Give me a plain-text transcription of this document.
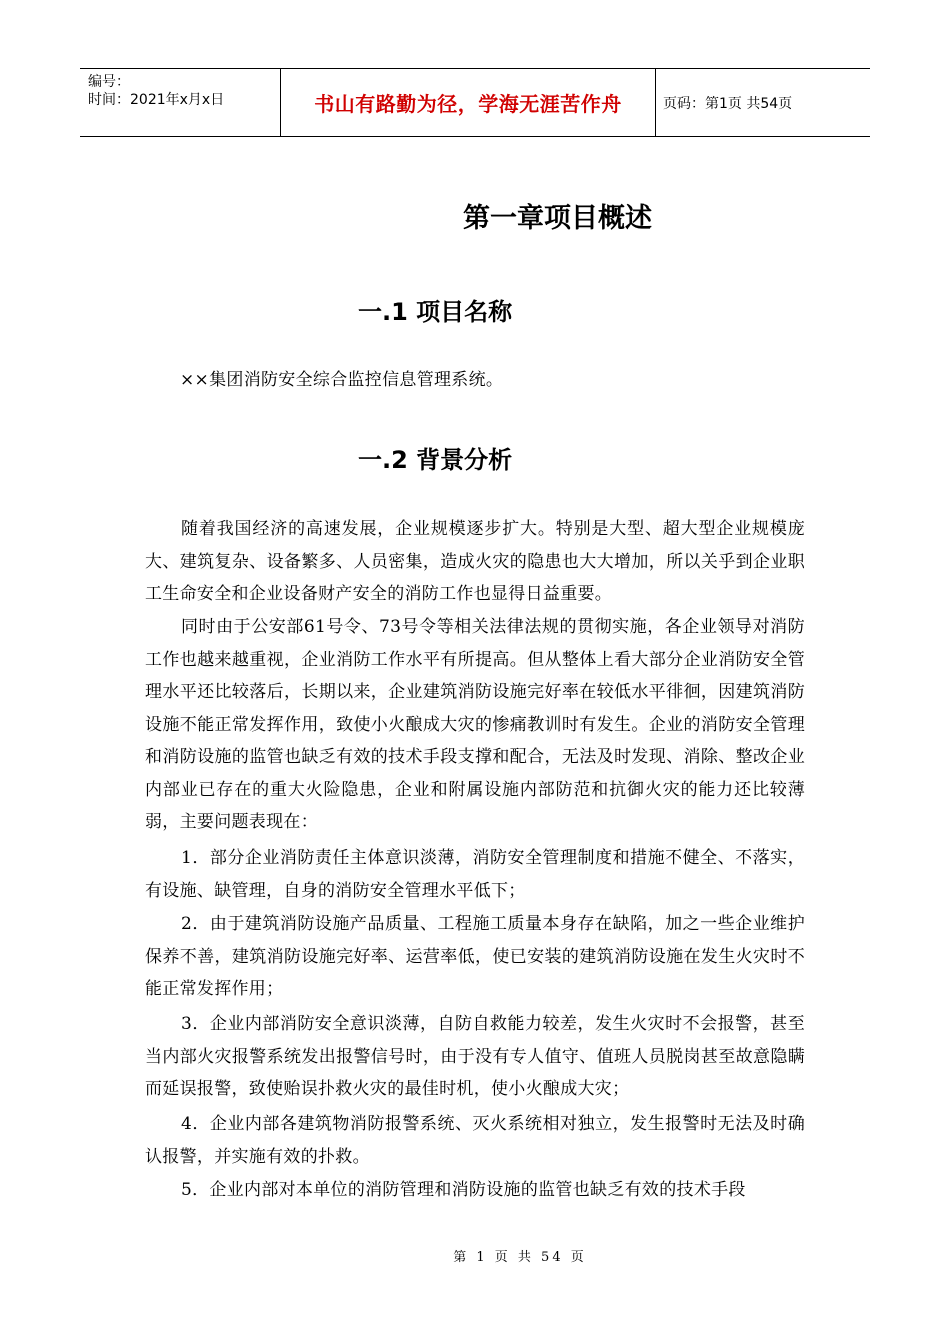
编号：
时间：2021年x月x日	书山有路勤为径，学海无涯苦作舟	页码：第1页 共54页
第一章项目概述
一.1 项目名称
××集团消防安全综合监控信息管理系统。
一.2 背景分析
随着我国经济的高速发展，企业规模逐步扩大。特别是大型、超大型企业规模庞大、建筑复杂、设备繁多、人员密集，造成火灾的隐患也大大增加，所以关乎到企业职工生命安全和企业设备财产安全的消防工作也显得日益重要。
同时由于公安部61号令、73号令等相关法律法规的贯彻实施，各企业领导对消防工作也越来越重视，企业消防工作水平有所提高。但从整体上看大部分企业消防安全管理水平还比较落后，长期以来，企业建筑消防设施完好率在较低水平徘徊，因建筑消防设施不能正常发挥作用，致使小火酿成大灾的惨痛教训时有发生。企业的消防安全管理和消防设施的监管也缺乏有效的技术手段支撑和配合，无法及时发现、消除、整改企业内部业已存在的重大火险隐患，企业和附属设施内部防范和抗御火灾的能力还比较薄弱，主要问题表现在：
1．部分企业消防责任主体意识淡薄，消防安全管理制度和措施不健全、不落实，有设施、缺管理，自身的消防安全管理水平低下；
2．由于建筑消防设施产品质量、工程施工质量本身存在缺陷，加之一些企业维护保养不善，建筑消防设施完好率、运营率低，使已安装的建筑消防设施在发生火灾时不能正常发挥作用；
3．企业内部消防安全意识淡薄，自防自救能力较差，发生火灾时不会报警，甚至当内部火灾报警系统发出报警信号时，由于没有专人值守、值班人员脱岗甚至故意隐瞒而延误报警，致使贻误扑救火灾的最佳时机，使小火酿成大灾；
4．企业内部各建筑物消防报警系统、灭火系统相对独立，发生报警时无法及时确认报警，并实施有效的扑救。
5．企业内部对本单位的消防管理和消防设施的监管也缺乏有效的技术手段
第 1 页 共 54 页
